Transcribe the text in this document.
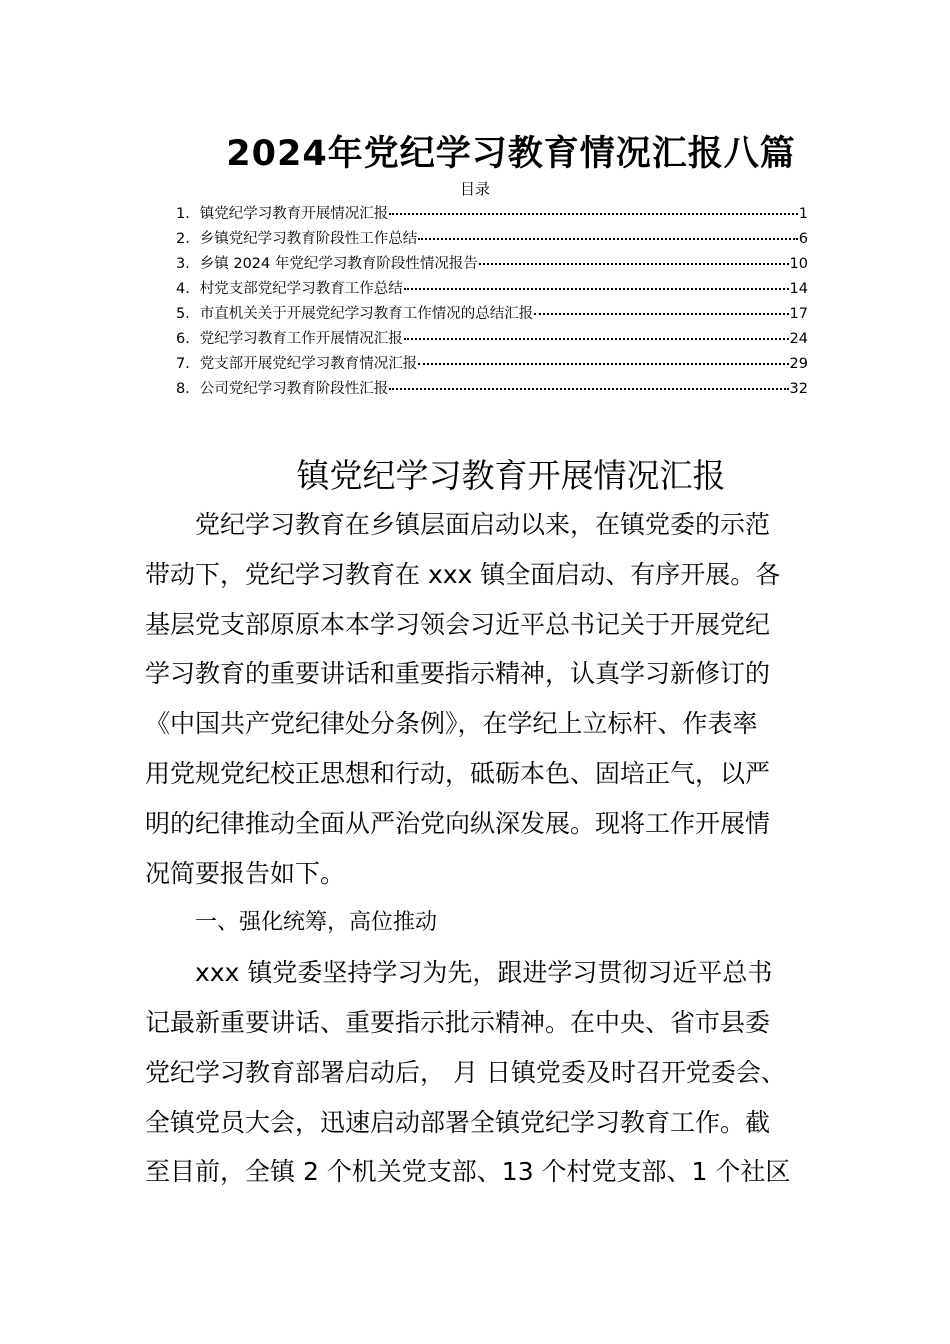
2024年党纪学习教育情况汇报八篇
目录
1． 镇党纪学习教育开展情况汇报	1
2． 乡镇党纪学习教育阶段性工作总结	6
3． 乡镇 2024 年党纪学习教育阶段性情况报告	10
4． 村党支部党纪学习教育工作总结	14
5． 市直机关关于开展党纪学习教育工作情况的总结汇报	17
6． 党纪学习教育工作开展情况汇报	24
7． 党支部开展党纪学习教育情况汇报	29
8． 公司党纪学习教育阶段性汇报	32
镇党纪学习教育开展情况汇报
党纪学习教育在乡镇层面启动以来，在镇党委的示范
带动下，党纪学习教育在 xxx 镇全面启动、有序开展。各
基层党支部原原本本学习领会习近平总书记关于开展党纪
学习教育的重要讲话和重要指示精神，认真学习新修订的
《中国共产党纪律处分条例》，在学纪上立标杆、作表率
用党规党纪校正思想和行动，砥砺本色、固培正气，以严
明的纪律推动全面从严治党向纵深发展。现将工作开展情
况简要报告如下。
一、强化统筹，高位推动
xxx 镇党委坚持学习为先，跟进学习贯彻习近平总书
记最新重要讲话、重要指示批示精神。在中央、省市县委
党纪学习教育部署启动后， 月 日镇党委及时召开党委会、
全镇党员大会，迅速启动部署全镇党纪学习教育工作。截
至目前，全镇 2 个机关党支部、13 个村党支部、1 个社区
